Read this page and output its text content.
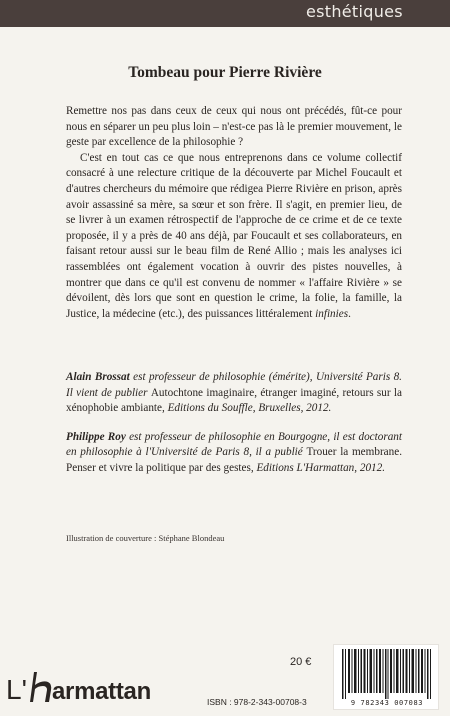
esthétiques
Tombeau pour Pierre Rivière

Remettre nos pas dans ceux de ceux qui nous ont précédés, fût-ce pour nous en séparer un peu plus loin – n'est-ce pas là le premier mouvement, le geste par excellence de la philosophie ?

C'est en tout cas ce que nous entreprenons dans ce volume collectif consacré à une relecture critique de la découverte par Michel Foucault et d'autres chercheurs du mémoire que rédigea Pierre Rivière en prison, après avoir assassiné sa mère, sa sœur et son frère. Il s'agit, en premier lieu, de se livrer à un examen rétrospectif de l'approche de ce crime et de ce texte proposée, il y a près de 40 ans déjà, par Foucault et ses collaborateurs, en faisant retour aussi sur le beau film de René Allio ; mais les analyses ici rassemblées ont également vocation à ouvrir des pistes nouvelles, à montrer que dans ce qu'il est convenu de nommer « l'affaire Rivière » se dévoilent, dès lors que sont en question le crime, la folie, la famille, la Justice, la médecine (etc.), des puissances littéralement infinies.

Alain Brossat est professeur de philosophie (émérite), Université Paris 8. Il vient de publier Autochtone imaginaire, étranger imaginé, retours sur la xénophobie ambiante, Editions du Souffle, Bruxelles, 2012.

Philippe Roy est professeur de philosophie en Bourgogne, il est doctorant en philosophie à l'Université de Paris 8, il a publié Trouer la membrane. Penser et vivre la politique par des gestes, Editions L'Harmattan, 2012.

Illustration de couverture : Stéphane Blondeau
L' armattan
20 €
ISBN : 978-2-343-00708-3	9 782343 007083
